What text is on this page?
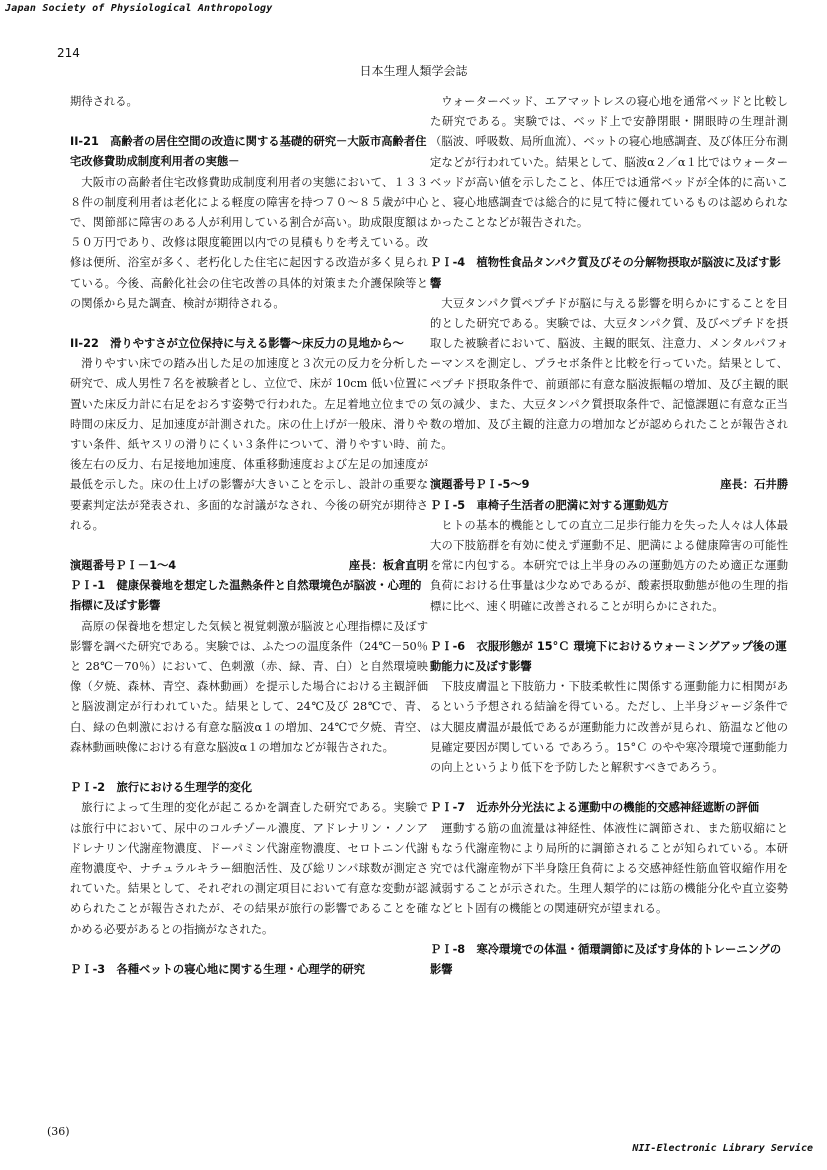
Japan Society of Physiological Anthropology
214
日本生理人類学会誌

期待される。

II-21　高齢者の居住空間の改造に関する基礎的研究－大阪市高齢者住宅改修費助成制度利用者の実態－

大阪市の高齢者住宅改修費助成制度利用者の実態において、１３３８件の制度利用者は老化による軽度の障害を持つ７０～８５歳が中心で、関節部に障害のある人が利用している割合が高い。助成限度額は５０万円であり、改修は限度範囲以内での見積もりを考えている。改修は便所、浴室が多く、老朽化した住宅に起因する改造が多く見られている。今後、高齢化社会の住宅改善の具体的対策また介護保険等との関係から見た調査、検討が期待される。

II-22　滑りやすさが立位保持に与える影響～床反力の見地から～

滑りやすい床での踏み出した足の加速度と３次元の反力を分析した研究で、成人男性７名を被験者とし、立位で、床が 10cm 低い位置に置いた床反力計に右足をおろす姿勢で行われた。左足着地立位までの時間の床反力、足加速度が計測された。床の仕上げが一般床、滑りやすい条件、紙ヤスリの滑りにくい３条件について、滑りやすい時、前後左右の反力、右足接地加速度、体重移動速度および左足の加速度が最低を示した。床の仕上げの影響が大きいことを示し、設計の重要な要素判定法が発表され、多面的な討議がなされ、今後の研究が期待される。

演題番号ＰＩ－1～4	座長：板倉直明
ＰＩ-1　健康保養地を想定した温熱条件と自然環境色が脳波・心理的指標に及ぼす影響

高原の保養地を想定した気候と視覚刺激が脳波と心理指標に及ぼす影響を調べた研究である。実験では、ふたつの温度条件（24℃－50％と 28℃－70％）において、色刺激（赤、緑、青、白）と自然環境映像（夕焼、森林、青空、森林動画）を提示した場合における主観評価と脳波測定が行われていた。結果として、24℃及び 28℃で、青、白、緑の色刺激における有意な脳波α１の増加、24℃で夕焼、青空、森林動画映像における有意な脳波α１の増加などが報告された。

ＰＩ-2　旅行における生理学的変化

旅行によって生理的変化が起こるかを調査した研究である。実験では旅行中において、尿中のコルチゾール濃度、アドレナリン・ノンアドレナリン代謝産物濃度、ドーパミン代謝産物濃度、セロトニン代謝産物濃度や、ナチュラルキラー細胞活性、及び総リンパ球数が測定されていた。結果として、それぞれの測定項目において有意な変動が認められたことが報告されたが、その結果が旅行の影響であることを確かめる必要があるとの指摘がなされた。

ＰＩ-3　各種ベットの寝心地に関する生理・心理学的研究

ウォーターベッド、エアマットレスの寝心地を通常ベッドと比較した研究である。実験では、ベッド上で安静閉眼・開眼時の生理計測（脳波、呼吸数、局所血流）、ベットの寝心地感調査、及び体圧分布測定などが行われていた。結果として、脳波α２／α１比ではウォーターベッドが高い値を示したこと、体圧では通常ベッドが全体的に高いこと、寝心地感調査では総合的に見て特に優れているものは認められなかったことなどが報告された。

ＰＩ-4　植物性食品タンパク質及びその分解物摂取が脳波に及ぼす影響

大豆タンパク質ペプチドが脳に与える影響を明らかにすることを目的とした研究である。実験では、大豆タンパク質、及びペプチドを摂取した被験者において、脳波、主観的眠気、注意力、メンタルパフォーマンスを測定し、プラセボ条件と比較を行っていた。結果として、ペプチド摂取条件で、前頭部に有意な脳波振幅の増加、及び主観的眠気の減少、また、大豆タンパク質摂取条件で、記憶課題に有意な正当数の増加、及び主観的注意力の増加などが認められたことが報告された。

演題番号ＰＩ-5～9	座長：石井勝
ＰＩ-5　車椅子生活者の肥満に対する運動処方

ヒトの基本的機能としての直立二足歩行能力を失った人々は人体最大の下肢筋群を有効に使えず運動不足、肥満による健康障害の可能性を常に内包する。本研究では上半身のみの運動処方のため適正な運動負荷における仕事量は少なめであるが、酸素摂取動態が他の生理的指標に比べ、速く明確に改善されることが明らかにされた。

ＰＩ-6　衣服形態が 15°Ｃ 環境下におけるウォーミングアップ後の運動能力に及ぼす影響

下肢皮膚温と下肢筋力・下肢柔軟性に関係する運動能力に相関があるという予想される結論を得ている。ただし、上半身ジャージ条件では大腿皮膚温が最低であるが運動能力に改善が見られ、筋温など他の見確定要因が関している であろう。15°Ｃ のやや寒冷環境で運動能力の向上というより低下を予防したと解釈すべきであろう。

ＰＩ-7　近赤外分光法による運動中の機能的交感神経遮断の評価

運動する筋の血流量は神経性、体液性に調節され、また筋収縮にともなう代謝産物により局所的に調節されることが知られている。本研究では代謝産物が下半身陰圧負荷による交感神経性筋血管収縮作用を減弱することが示された。生理人類学的には筋の機能分化や直立姿勢などヒト固有の機能との関連研究が望まれる。

ＰＩ-8　寒冷環境での体温・循環調節に及ぼす身体的トレーニングの影響
(36)
NII-Electronic Library Service
